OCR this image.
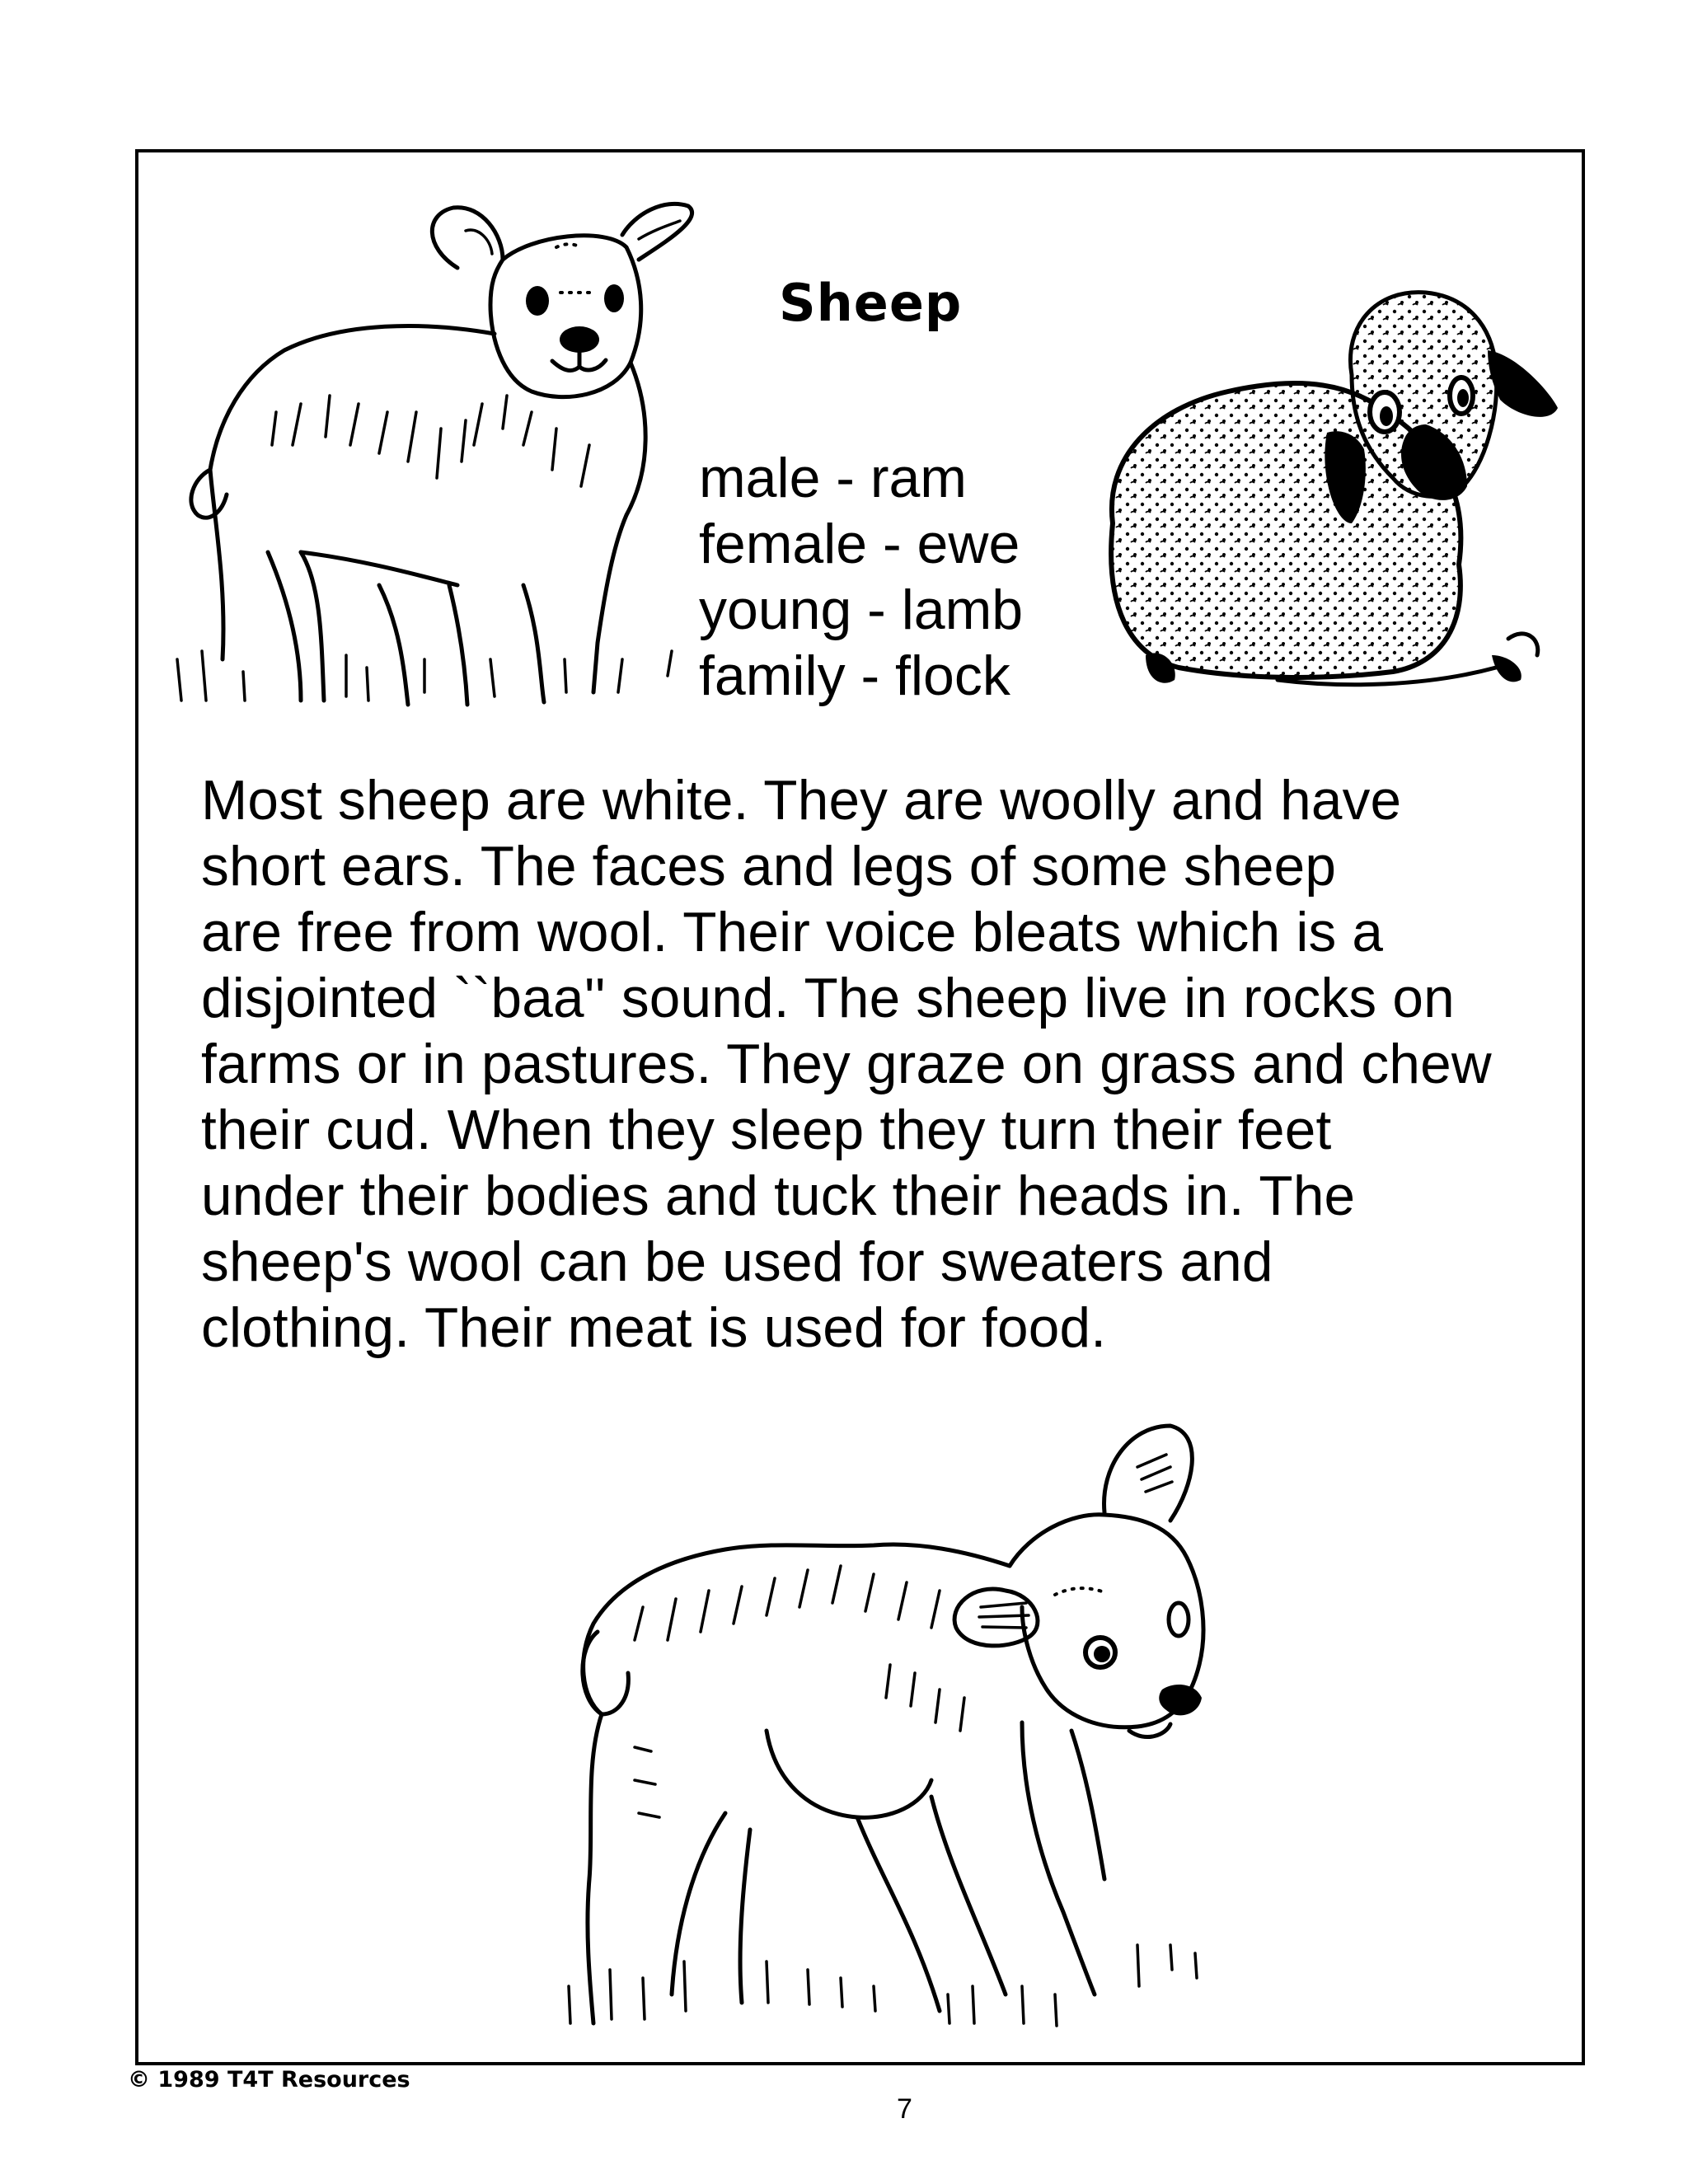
Sheep
male - ram
female - ewe
young - lamb
family - flock
Most sheep are white. They are woolly and have
short ears. The faces and legs of some sheep
are free from wool. Their voice bleats which is a
disjointed ``baa'' sound. The sheep live in rocks on
farms or in pastures. They graze on grass and chew
their cud. When they sleep they turn their feet
under their bodies and tuck their heads in. The
sheep's wool can be used for sweaters and
clothing. Their meat is used for food.
© 1989 T4T Resources
7
